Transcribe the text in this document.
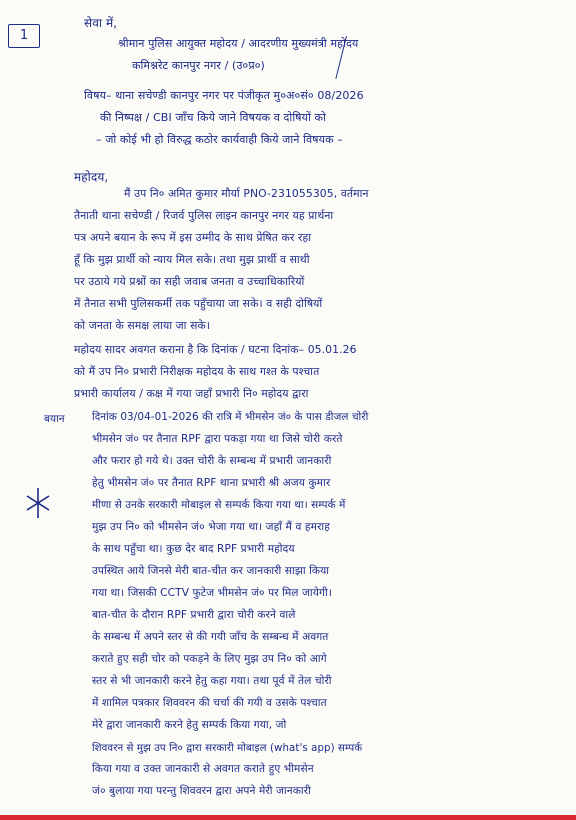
1
सेवा में,
श्रीमान पुलिस आयुक्त महोदय / आदरणीय मुख्यमंत्री महोदय
कमिश्नरेट कानपुर नगर / (उ०प्र०)
विषय– थाना सचेण्डी कानपुर नगर पर पंजीकृत मु०अ०सं० 08/2026
की निष्पक्ष / CBI जाँच किये जाने विषयक व दोषियों को
– जो कोई भी हो विरुद्ध कठोर कार्यवाही किये जाने विषयक –
महोदय,
मैं उप नि० अमित कुमार मौर्या PNO-231055305, वर्तमान
तैनाती थाना सचेण्डी / रिजर्व पुलिस लाइन कानपुर नगर यह प्रार्थना
पत्र अपने बयान के रूप में इस उम्मीद के साथ प्रेषित कर रहा
हूँ कि मुझ प्रार्थी को न्याय मिल सके। तथा मुझ प्रार्थी व साथी
पर उठाये गये प्रश्नों का सही जवाब जनता व उच्चाधिकारियों
में तैनात सभी पुलिसकर्मी तक पहुँचाया जा सके। व सही दोषियों
को जनता के समक्ष लाया जा सके।
महोदय सादर अवगत कराना है कि दिनांक / घटना दिनांक– 05.01.26
को मैं उप नि० प्रभारी निरीक्षक महोदय के साथ गश्त के पश्चात
प्रभारी कार्यालय / कक्ष में गया जहाँ प्रभारी नि० महोदय द्वारा
दिनांक 03/04-01-2026 की रात्रि में भीमसेन जं० के पास डीजल चोरी
भीमसेन जं० पर तैनात RPF द्वारा पकड़ा गया था जिसे चोरी करते
और फरार हो गये थे। उक्त चोरी के सम्बन्ध में प्रभारी जानकारी
हेतु भीमसेन जं० पर तैनात RPF थाना प्रभारी श्री अजय कुमार
मीणा से उनके सरकारी मोबाइल से सम्पर्क किया गया था। सम्पर्क में
मुझ उप नि० को भीमसेन जं० भेजा गया था। जहाँ मैं व हमराह
के साथ पहुँचा था। कुछ देर बाद RPF प्रभारी महोदय
उपस्थित आये जिनसे मेरी बात-चीत कर जानकारी साझा किया
गया था। जिसकी CCTV फुटेज भीमसेन जं० पर मिल जायेगी।
बात-चीत के दौरान RPF प्रभारी द्वारा चोरी करने वाले
के सम्बन्ध में अपने स्तर से की गयी जाँच के सम्बन्ध में अवगत
कराते हुए सही चोर को पकड़ने के लिए मुझ उप नि० को आगे
स्तर से भी जानकारी करने हेतु कहा गया। तथा पूर्व में तेल चोरी
में शामिल पत्रकार शिववरन की चर्चा की गयी व उसके पश्चात
मेरे द्वारा जानकारी करने हेतु सम्पर्क किया गया, जो
शिववरन से मुझ उप नि० द्वारा सरकारी मोबाइल (what's app) सम्पर्क
किया गया व उक्त जानकारी से अवगत कराते हुए भीमसेन
जं० बुलाया गया परन्तु शिववरन द्वारा अपने मेरी जानकारी
बयान
